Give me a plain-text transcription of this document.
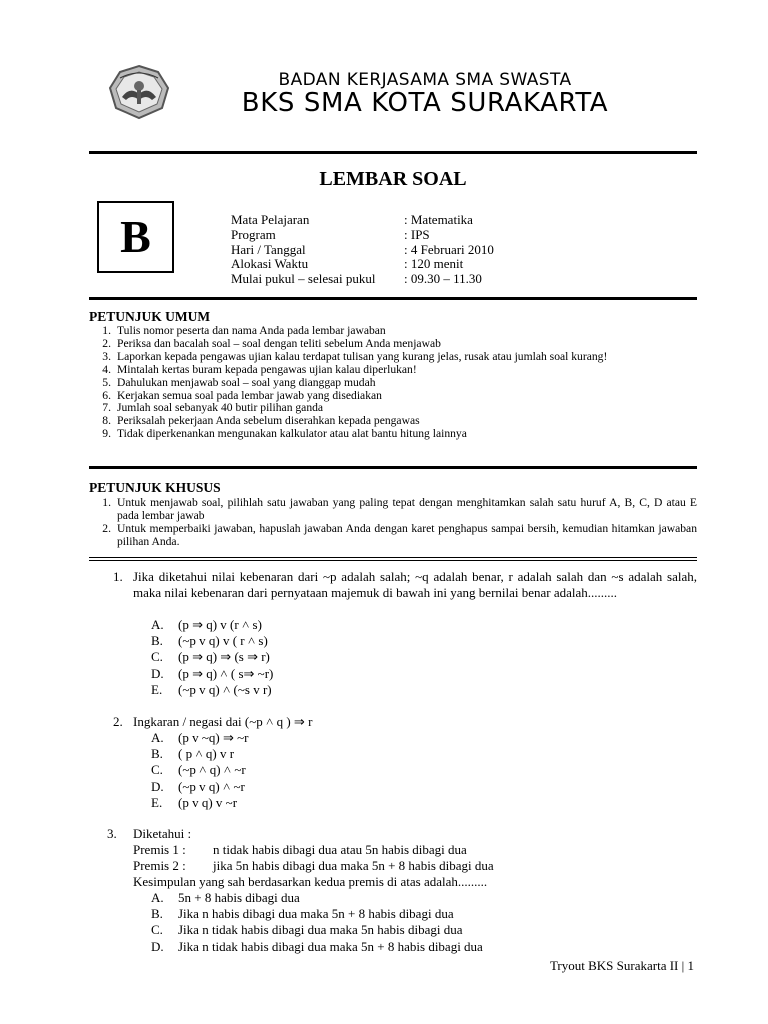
BADAN KERJASAMA SMA SWASTA
BKS SMA KOTA SURAKARTA
LEMBAR SOAL
B	Mata Pelajaran	: Matematika
Program	: IPS
Hari / Tanggal	: 4 Februari 2010
Alokasi Waktu	: 120 menit
Mulai pukul – selesai pukul	: 09.30 – 11.30
PETUNJUK UMUM
1. Tulis nomor peserta dan nama Anda pada lembar jawaban
2. Periksa dan bacalah soal – soal dengan teliti sebelum Anda menjawab
3. Laporkan kepada pengawas ujian kalau terdapat tulisan yang kurang jelas, rusak atau jumlah soal kurang!
4. Mintalah kertas buram kepada pengawas ujian kalau diperlukan!
5. Dahulukan menjawab soal – soal yang dianggap mudah
6. Kerjakan semua soal pada lembar jawab yang disediakan
7. Jumlah soal sebanyak 40 butir pilihan ganda
8. Periksalah pekerjaan Anda sebelum diserahkan kepada pengawas
9. Tidak diperkenankan mengunakan kalkulator atau alat bantu hitung lainnya
PETUNJUK KHUSUS
1. Untuk menjawab soal, pilihlah satu jawaban yang paling tepat dengan menghitamkan salah satu huruf A, B, C, D atau E pada lembar jawab
2. Untuk memperbaiki jawaban, hapuslah jawaban Anda dengan karet penghapus sampai bersih, kemudian hitamkan jawaban pilihan Anda.
1. Jika diketahui nilai kebenaran dari ~p adalah salah; ~q adalah benar, r adalah salah dan ~s adalah salah, maka nilai kebenaran dari pernyataan majemuk di bawah ini yang bernilai benar adalah.........
A.	(p ⇒ q) v (r ˄ s)
B.	(~p v q) v ( r ˄ s)
C.	(p ⇒ q) ⇒ (s ⇒ r)
D.	(p ⇒ q) ˄ ( s⇒ ~r)
E.	(~p v q) ˄ (~s v r)
2. Ingkaran / negasi dai (~p ˄ q ) ⇒ r
A.	(p v ~q) ⇒ ~r
B.	( p ˄ q) v r
C.	(~p ˄ q) ˄ ~r
D.	(~p v q) ˄ ~r
E.	(p v q) v ~r
3. Diketahui :
Premis 1 : n tidak habis dibagi dua atau 5n habis dibagi dua
Premis 2 : jika 5n habis dibagi dua maka 5n + 8 habis dibagi dua
Kesimpulan yang sah berdasarkan kedua premis di atas adalah.........
A.	5n + 8 habis dibagi dua
B.	Jika n habis dibagi dua maka 5n + 8 habis dibagi dua
C.	Jika n tidak habis dibagi dua maka 5n habis dibagi dua
D.	Jika n tidak habis dibagi dua maka 5n + 8 habis dibagi dua
Tryout BKS Surakarta II | 1
